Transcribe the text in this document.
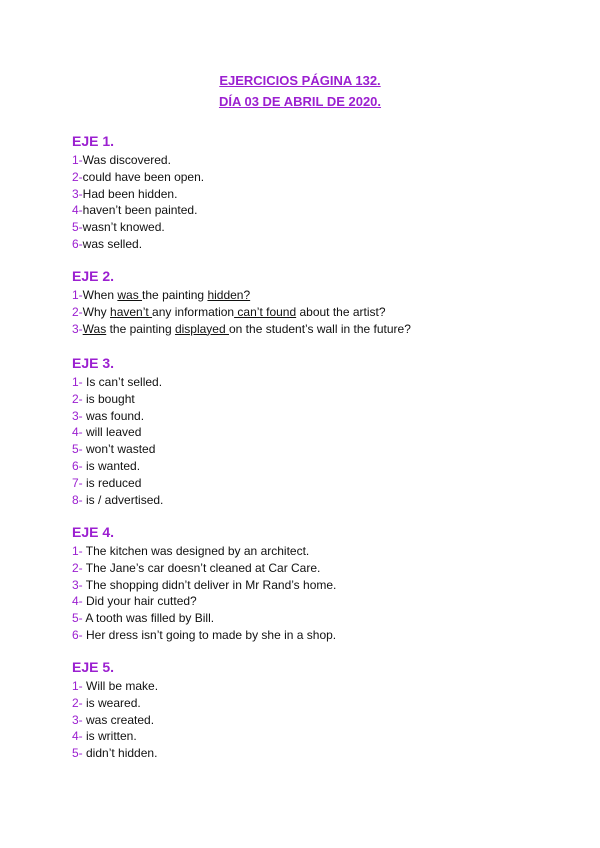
EJERCICIOS PÁGINA 132.
DÍA 03 DE ABRIL DE 2020.
EJE 1.
1-Was discovered.
2-could have been open.
3-Had been hidden.
4-haven’t been painted.
5-wasn’t knowed.
6-was selled.
EJE 2.
1-When was the painting hidden?
2-Why haven’t any information can’t found about the artist?
3-Was the painting displayed on the student’s wall in the future?
EJE 3.
1- Is can’t selled.
2- is bought
3- was found.
4- will leaved
5- won’t wasted
6- is wanted.
7- is reduced
8- is / advertised.
EJE 4.
1- The kitchen was designed by an architect.
2- The Jane’s car doesn’t cleaned at Car Care.
3- The shopping didn’t deliver in Mr Rand’s home.
4- Did your hair cutted?
5- A tooth was filled by Bill.
6- Her dress isn’t going to made by she in a shop.
EJE 5.
1- Will be make.
2- is weared.
3- was created.
4- is written.
5- didn’t hidden.
